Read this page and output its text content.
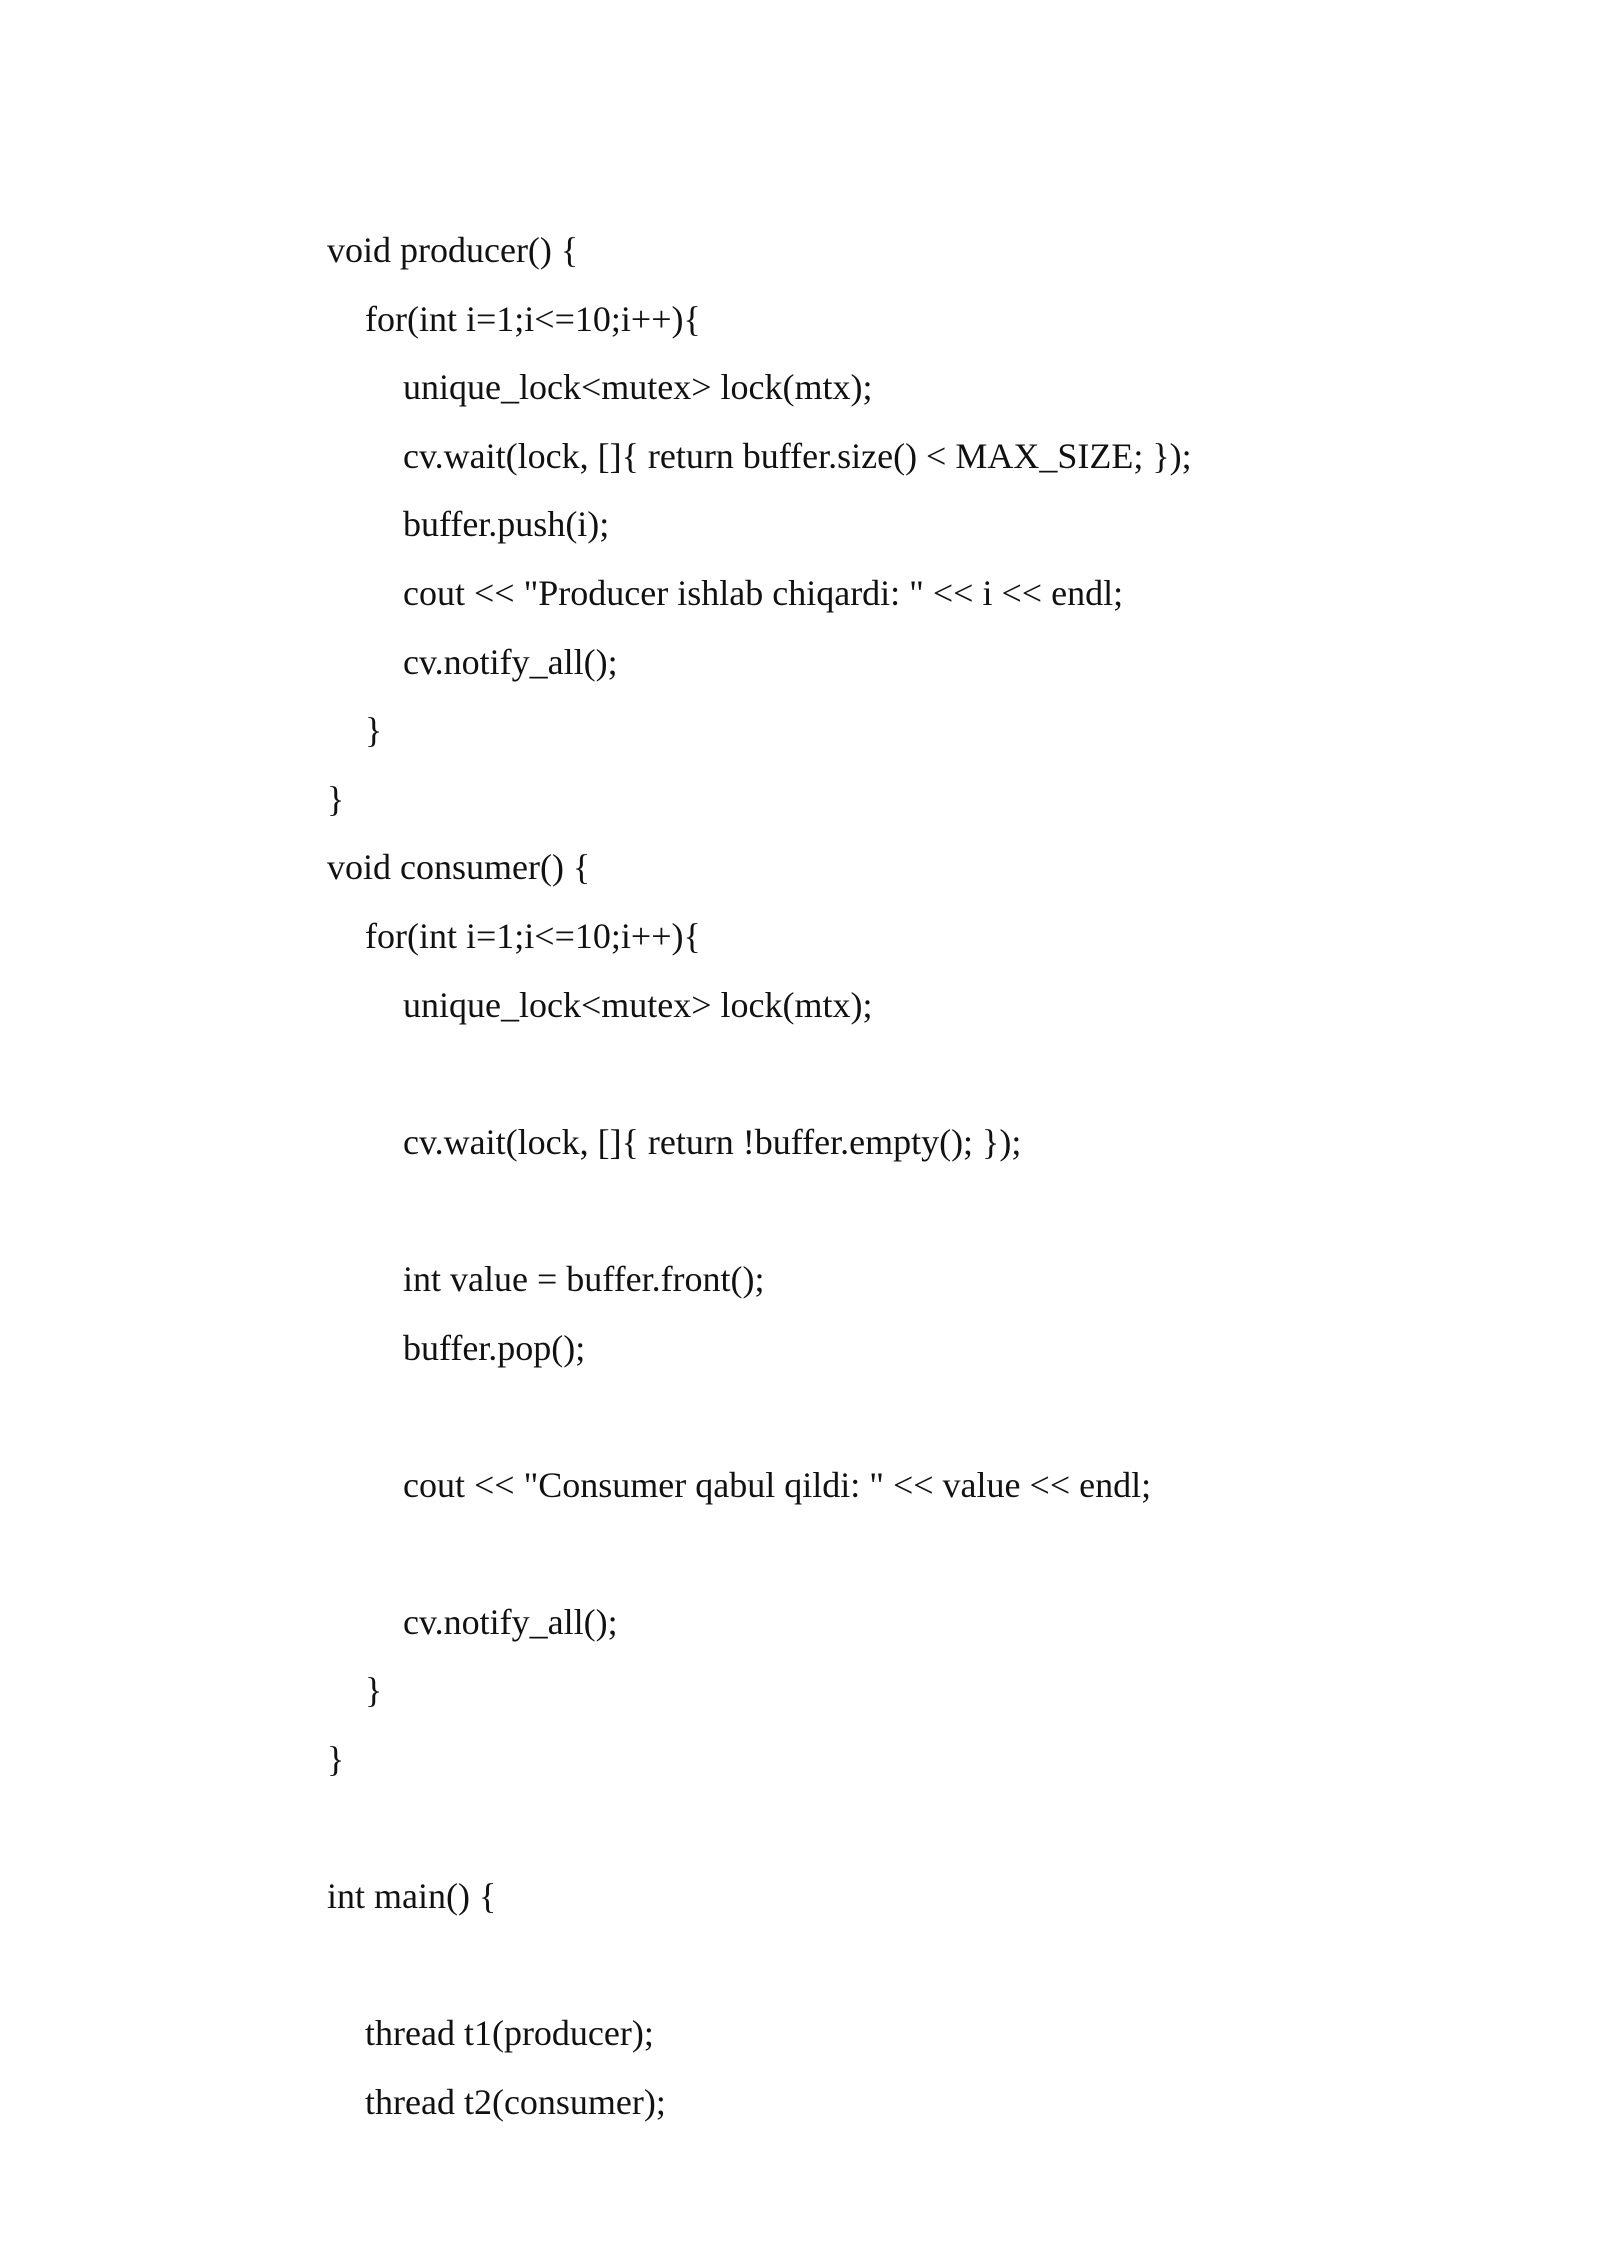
void producer() {
for(int i=1;i<=10;i++){
unique_lock<mutex> lock(mtx);
cv.wait(lock, []{ return buffer.size() < MAX_SIZE; });
buffer.push(i);
cout << "Producer ishlab chiqardi: " << i << endl;
cv.notify_all();
}
}
void consumer() {
for(int i=1;i<=10;i++){
unique_lock<mutex> lock(mtx);
cv.wait(lock, []{ return !buffer.empty(); });
int value = buffer.front();
buffer.pop();
cout << "Consumer qabul qildi: " << value << endl;
cv.notify_all();
}
}
int main() {
thread t1(producer);
thread t2(consumer);
